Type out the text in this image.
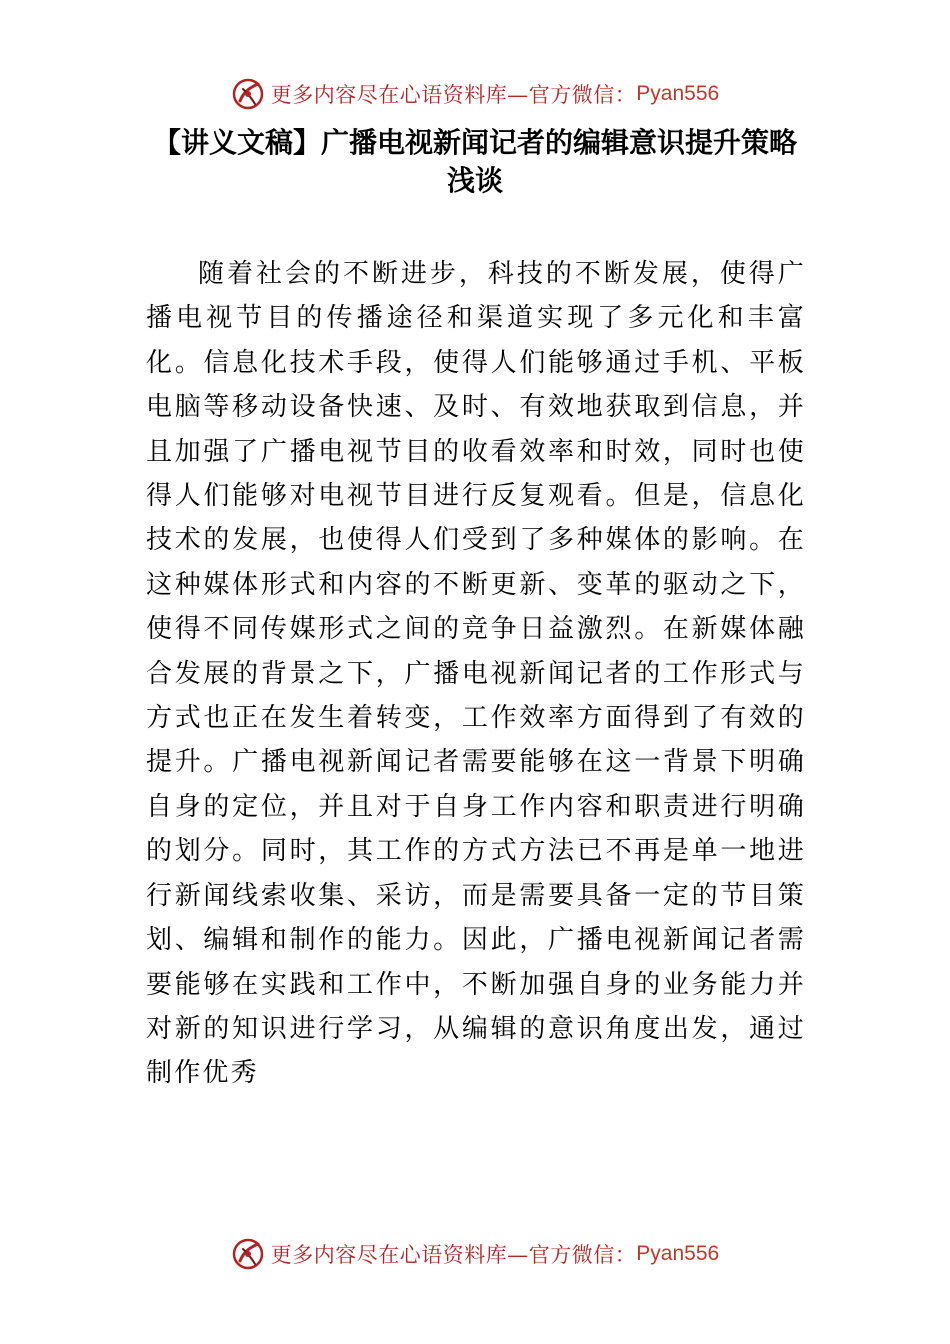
更多内容尽在心语资料库—官方微信： Pyan556
【讲义文稿】广播电视新闻记者的编辑意识提升策略浅谈

随着社会的不断进步，科技的不断发展，使得广播电视节目的传播途径和渠道实现了多元化和丰富化。信息化技术手段，使得人们能够通过手机、平板电脑等移动设备快速、及时、有效地获取到信息，并且加强了广播电视节目的收看效率和时效，同时也使得人们能够对电视节目进行反复观看。但是，信息化技术的发展，也使得人们受到了多种媒体的影响。在这种媒体形式和内容的不断更新、变革的驱动之下，使得不同传媒形式之间的竞争日益激烈。在新媒体融合发展的背景之下，广播电视新闻记者的工作形式与方式也正在发生着转变，工作效率方面得到了有效的提升。广播电视新闻记者需要能够在这一背景下明确自身的定位，并且对于自身工作内容和职责进行明确的划分。同时，其工作的方式方法已不再是单一地进行新闻线索收集、采访，而是需要具备一定的节目策划、编辑和制作的能力。因此，广播电视新闻记者需要能够在实践和工作中，不断加强自身的业务能力并对新的知识进行学习，从编辑的意识角度出发，通过制作优秀

更多内容尽在心语资料库—官方微信： Pyan556
